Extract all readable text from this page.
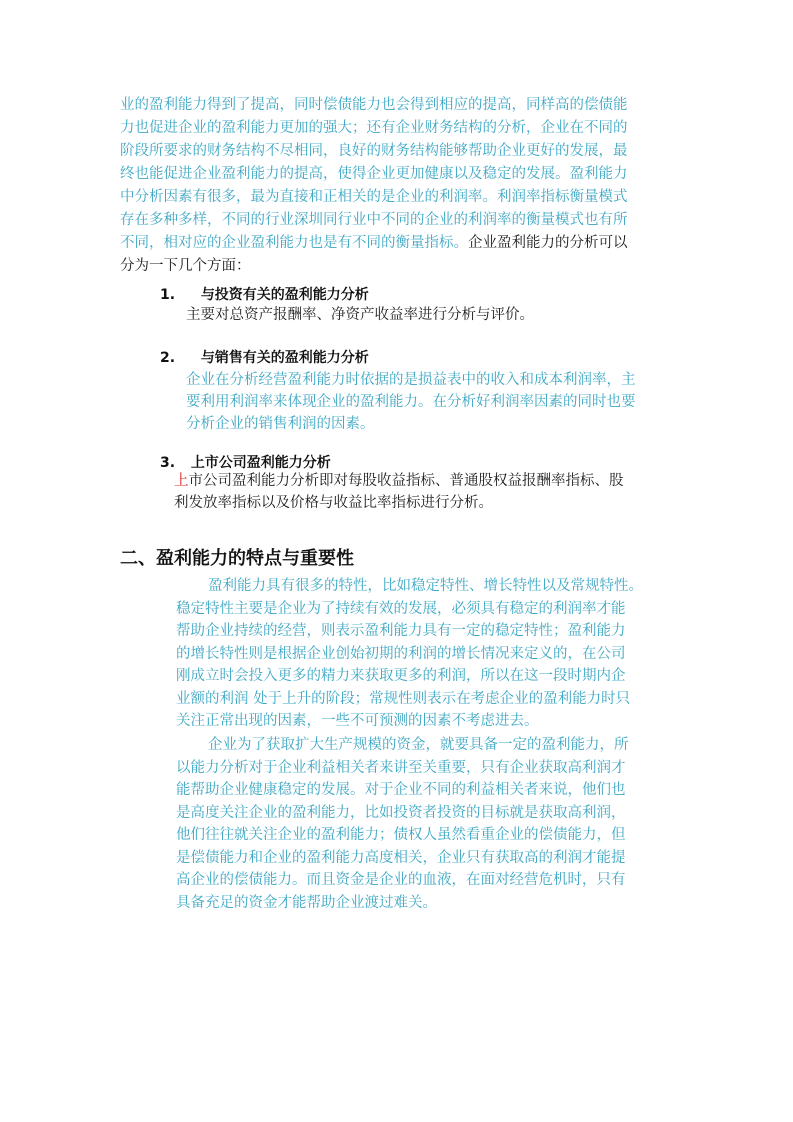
业的盈利能力得到了提高，同时偿债能力也会得到相应的提高，同样高的偿债能
力也促进企业的盈利能力更加的强大；还有企业财务结构的分析，企业在不同的
阶段所要求的财务结构不尽相同，良好的财务结构能够帮助企业更好的发展，最
终也能促进企业盈利能力的提高，使得企业更加健康以及稳定的发展。盈利能力
中分析因素有很多，最为直接和正相关的是企业的利润率。利润率指标衡量模式
存在多种多样，不同的行业深圳同行业中不同的企业的利润率的衡量模式也有所
不同，相对应的企业盈利能力也是有不同的衡量指标。企业盈利能力的分析可以
分为一下几个方面：
1. 与投资有关的盈利能力分析
主要对总资产报酬率、净资产收益率进行分析与评价。
2. 与销售有关的盈利能力分析
企业在分析经营盈利能力时依据的是损益表中的收入和成本利润率，主
要利用利润率来体现企业的盈利能力。在分析好利润率因素的同时也要
分析企业的销售利润的因素。
3. 上市公司盈利能力分析
上市公司盈利能力分析即对每股收益指标、普通股权益报酬率指标、股
利发放率指标以及价格与收益比率指标进行分析。
二、盈利能力的特点与重要性
盈利能力具有很多的特性，比如稳定特性、增长特性以及常规特性。
稳定特性主要是企业为了持续有效的发展，必须具有稳定的利润率才能
帮助企业持续的经营，则表示盈利能力具有一定的稳定特性；盈利能力
的增长特性则是根据企业创始初期的利润的增长情况来定义的，在公司
刚成立时会投入更多的精力来获取更多的利润，所以在这一段时期内企
业额的利润 处于上升的阶段；常规性则表示在考虑企业的盈利能力时只
关注正常出现的因素，一些不可预测的因素不考虑进去。
企业为了获取扩大生产规模的资金，就要具备一定的盈利能力，所
以能力分析对于企业利益相关者来讲至关重要，只有企业获取高利润才
能帮助企业健康稳定的发展。对于企业不同的利益相关者来说，他们也
是高度关注企业的盈利能力，比如投资者投资的目标就是获取高利润，
他们往往就关注企业的盈利能力；债权人虽然看重企业的偿债能力，但
是偿债能力和企业的盈利能力高度相关，企业只有获取高的利润才能提
高企业的偿债能力。而且资金是企业的血液，在面对经营危机时，只有
具备充足的资金才能帮助企业渡过难关。
